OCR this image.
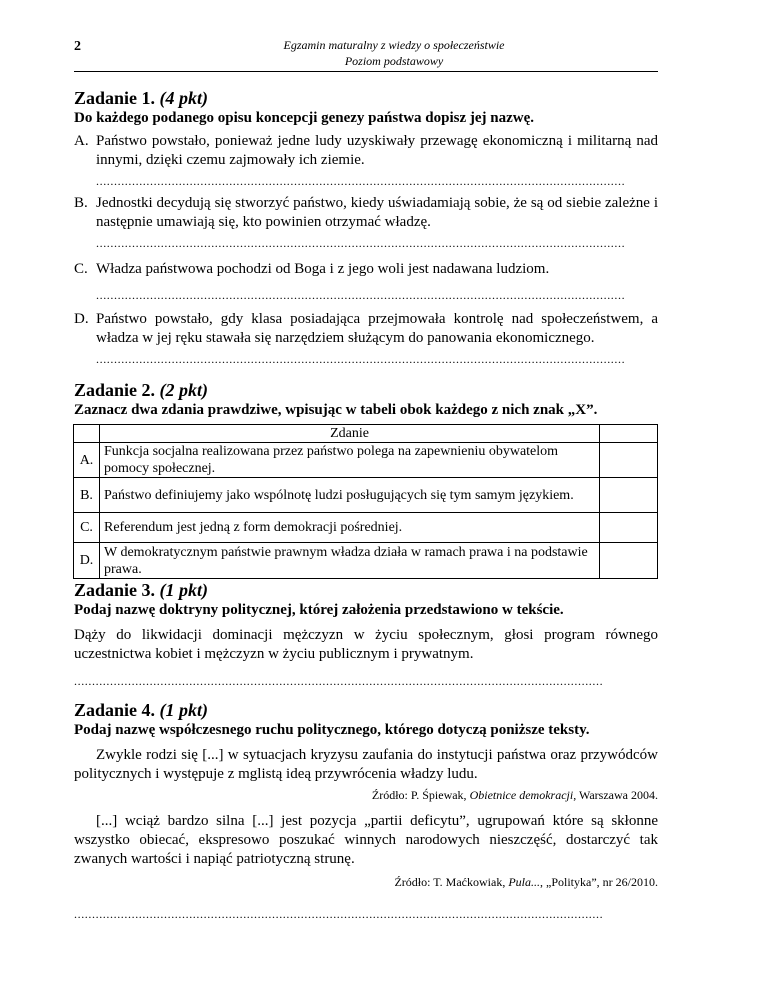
2	Egzamin maturalny z wiedzy o społeczeństwie
Poziom podstawowy
Zadanie 1. (4 pkt)
Do każdego podanego opisu koncepcji genezy państwa dopisz jej nazwę.
A. Państwo powstało, ponieważ jedne ludy uzyskiwały przewagę ekonomiczną i militarną nad innymi, dzięki czemu zajmowały ich ziemie.
...................................................................................................................................................
B. Jednostki decydują się stworzyć państwo, kiedy uświadamiają sobie, że są od siebie zależne i następnie umawiają się, kto powinien otrzymać władzę.
...................................................................................................................................................
C. Władza państwowa pochodzi od Boga i z jego woli jest nadawana ludziom.
...................................................................................................................................................
D. Państwo powstało, gdy klasa posiadająca przejmowała kontrolę nad społeczeństwem, a władza w jej ręku stawała się narzędziem służącym do panowania ekonomicznego.
...................................................................................................................................................
Zadanie 2. (2 pkt)
Zaznacz dwa zdania prawdziwe, wpisując w tabeli obok każdego z nich znak „X”.
	Zdanie	
A.	Funkcja socjalna realizowana przez państwo polega na zapewnieniu obywatelom pomocy społecznej.	
B.	Państwo definiujemy jako wspólnotę ludzi posługujących się tym samym językiem.	
C.	Referendum jest jedną z form demokracji pośredniej.	
D.	W demokratycznym państwie prawnym władza działa w ramach prawa i na podstawie prawa.	
Zadanie 3. (1 pkt)
Podaj nazwę doktryny politycznej, której założenia przedstawiono w tekście.
Dąży do likwidacji dominacji mężczyzn w życiu społecznym, głosi program równego uczestnictwa kobiet i mężczyzn w życiu publicznym i prywatnym.
...................................................................................................................................................
Zadanie 4. (1 pkt)
Podaj nazwę współczesnego ruchu politycznego, którego dotyczą poniższe teksty.
Zwykle rodzi się [...] w sytuacjach kryzysu zaufania do instytucji państwa oraz przywódców politycznych i występuje z mglistą ideą przywrócenia władzy ludu.
Źródło: P. Śpiewak, Obietnice demokracji, Warszawa 2004.
[...] wciąż bardzo silna [...] jest pozycja „partii deficytu”, ugrupowań które są skłonne wszystko obiecać, ekspresowo poszukać winnych narodowych nieszczęść, dostarczyć tak zwanych wartości i napiąć patriotyczną strunę.
Źródło: T. Maćkowiak, Pula..., „Polityka”, nr 26/2010.
...................................................................................................................................................
